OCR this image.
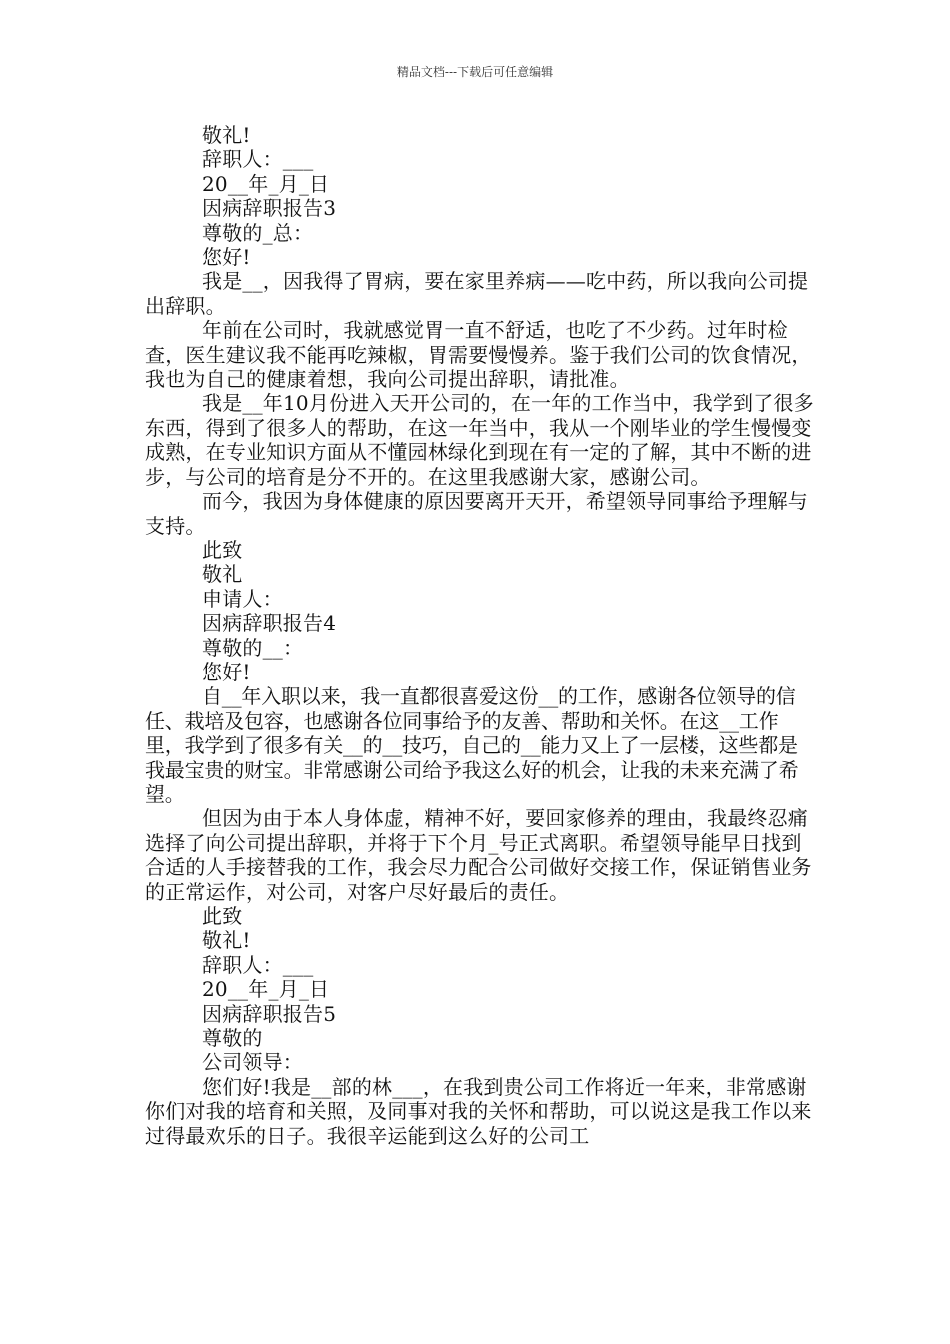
精品文档---下载后可任意编辑

敬礼!

辞职人：___

20__年_月_日

因病辞职报告3

尊敬的_总：

您好!

我是__，因我得了胃病，要在家里养病——吃中药，所以我向公司提出辞职。

年前在公司时，我就感觉胃一直不舒适，也吃了不少药。过年时检查，医生建议我不能再吃辣椒，胃需要慢慢养。鉴于我们公司的饮食情况，我也为自己的健康着想，我向公司提出辞职，请批准。

我是__年10月份进入天开公司的，在一年的工作当中，我学到了很多东西，得到了很多人的帮助，在这一年当中，我从一个刚毕业的学生慢慢变成熟，在专业知识方面从不懂园林绿化到现在有一定的了解，其中不断的进步，与公司的培育是分不开的。在这里我感谢大家，感谢公司。

而今，我因为身体健康的原因要离开天开，希望领导同事给予理解与支持。

此致

敬礼

申请人：

因病辞职报告4

尊敬的__：

您好!

自__年入职以来，我一直都很喜爱这份__的工作，感谢各位领导的信任、栽培及包容，也感谢各位同事给予的友善、帮助和关怀。在这__工作里，我学到了很多有关__的__技巧，自己的__能力又上了一层楼，这些都是我最宝贵的财宝。非常感谢公司给予我这么好的机会，让我的未来充满了希望。

但因为由于本人身体虚，精神不好，要回家修养的理由，我最终忍痛选择了向公司提出辞职，并将于下个月_号正式离职。希望领导能早日找到合适的人手接替我的工作，我会尽力配合公司做好交接工作，保证销售业务的正常运作，对公司，对客户尽好最后的责任。

此致

敬礼!

辞职人：___

20__年_月_日

因病辞职报告5

尊敬的

公司领导：

您们好!我是__部的林___，在我到贵公司工作将近一年来，非常感谢你们对我的培育和关照，及同事对我的关怀和帮助，可以说这是我工作以来过得最欢乐的日子。我很辛运能到这么好的公司工
